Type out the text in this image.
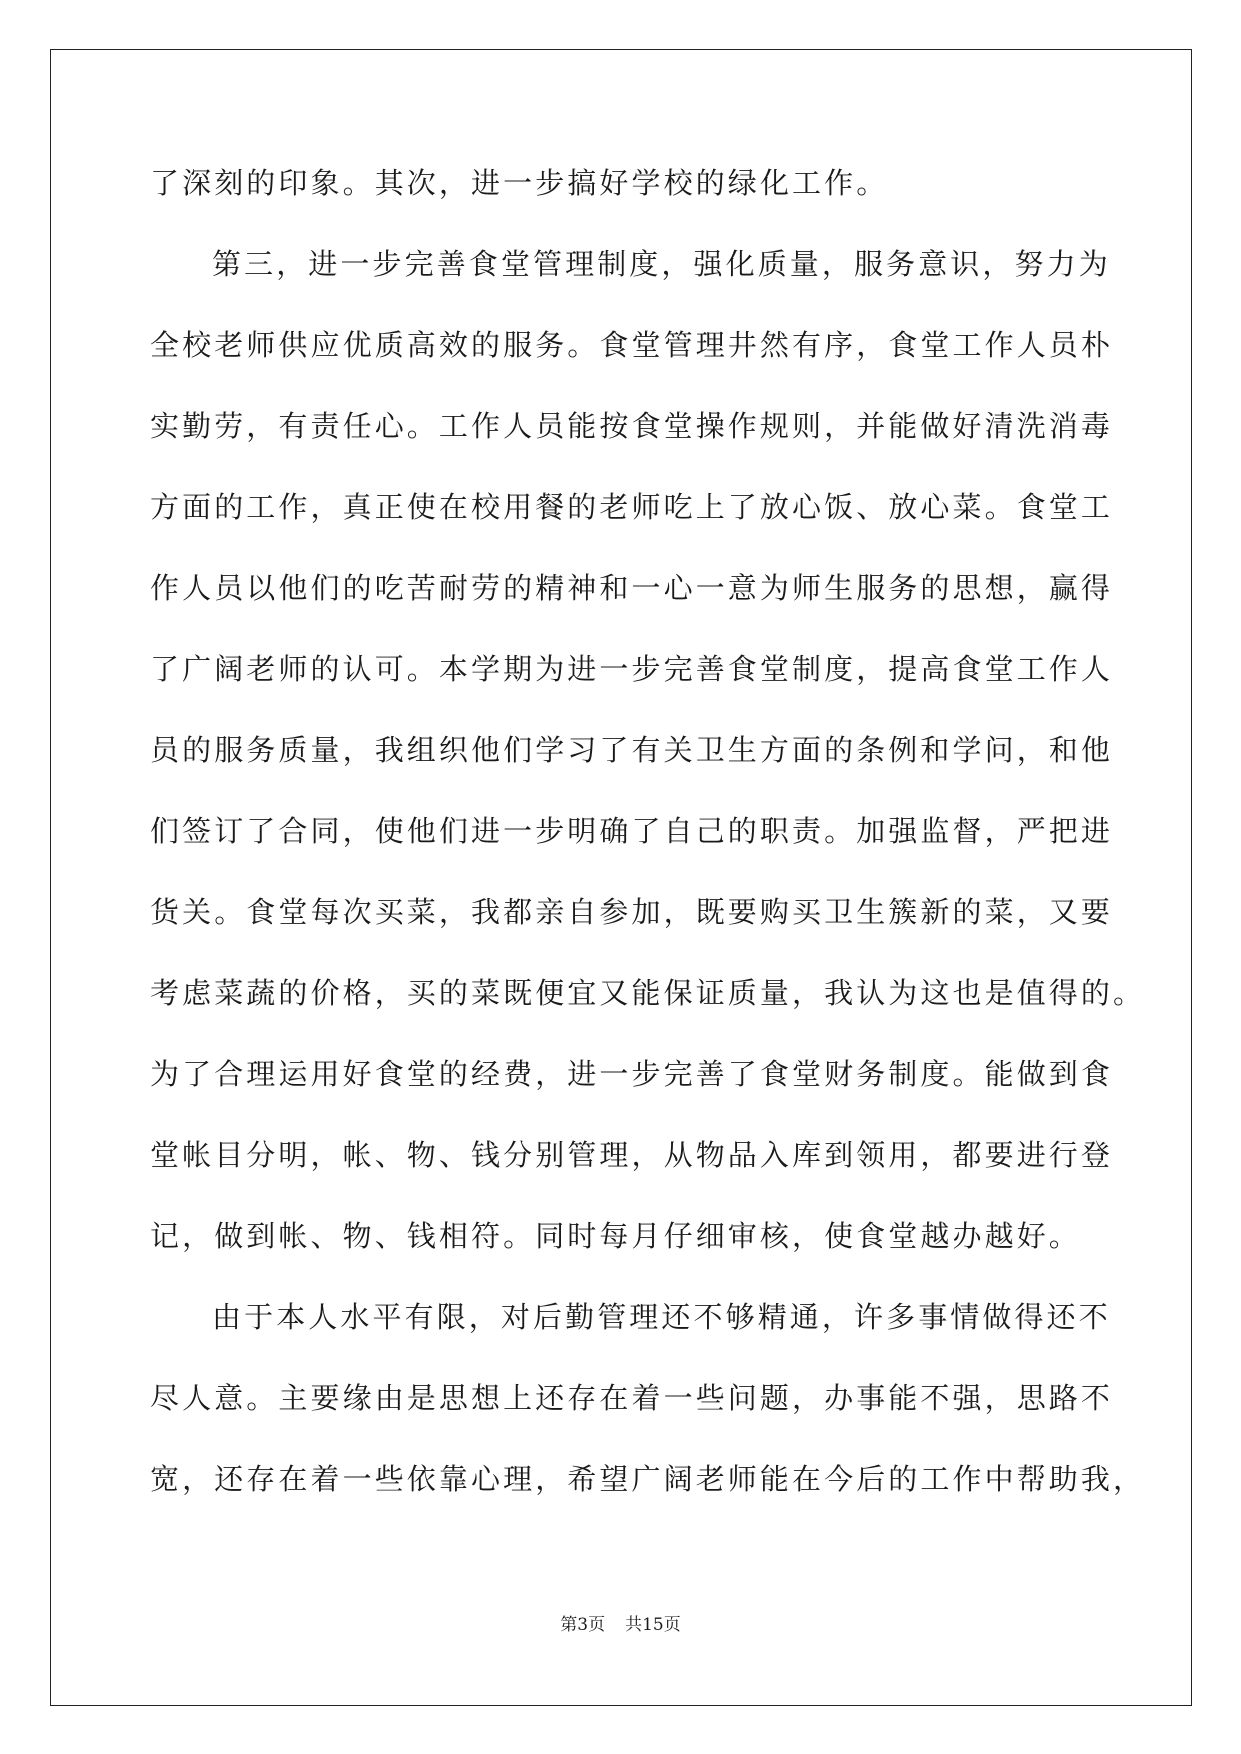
了深刻的印象。其次，进一步搞好学校的绿化工作。
第三，进一步完善食堂管理制度，强化质量，服务意识，努力为
全校老师供应优质高效的服务。食堂管理井然有序，食堂工作人员朴
实勤劳，有责任心。工作人员能按食堂操作规则，并能做好清洗消毒
方面的工作，真正使在校用餐的老师吃上了放心饭、放心菜。食堂工
作人员以他们的吃苦耐劳的精神和一心一意为师生服务的思想，赢得
了广阔老师的认可。本学期为进一步完善食堂制度，提高食堂工作人
员的服务质量，我组织他们学习了有关卫生方面的条例和学问，和他
们签订了合同，使他们进一步明确了自己的职责。加强监督，严把进
货关。食堂每次买菜，我都亲自参加，既要购买卫生簇新的菜，又要
考虑菜蔬的价格，买的菜既便宜又能保证质量，我认为这也是值得的。
为了合理运用好食堂的经费，进一步完善了食堂财务制度。能做到食
堂帐目分明，帐、物、钱分别管理，从物品入库到领用，都要进行登
记，做到帐、物、钱相符。同时每月仔细审核，使食堂越办越好。
由于本人水平有限，对后勤管理还不够精通，许多事情做得还不
尽人意。主要缘由是思想上还存在着一些问题，办事能不强，思路不
宽，还存在着一些依靠心理，希望广阔老师能在今后的工作中帮助我，
第3页 共15页
